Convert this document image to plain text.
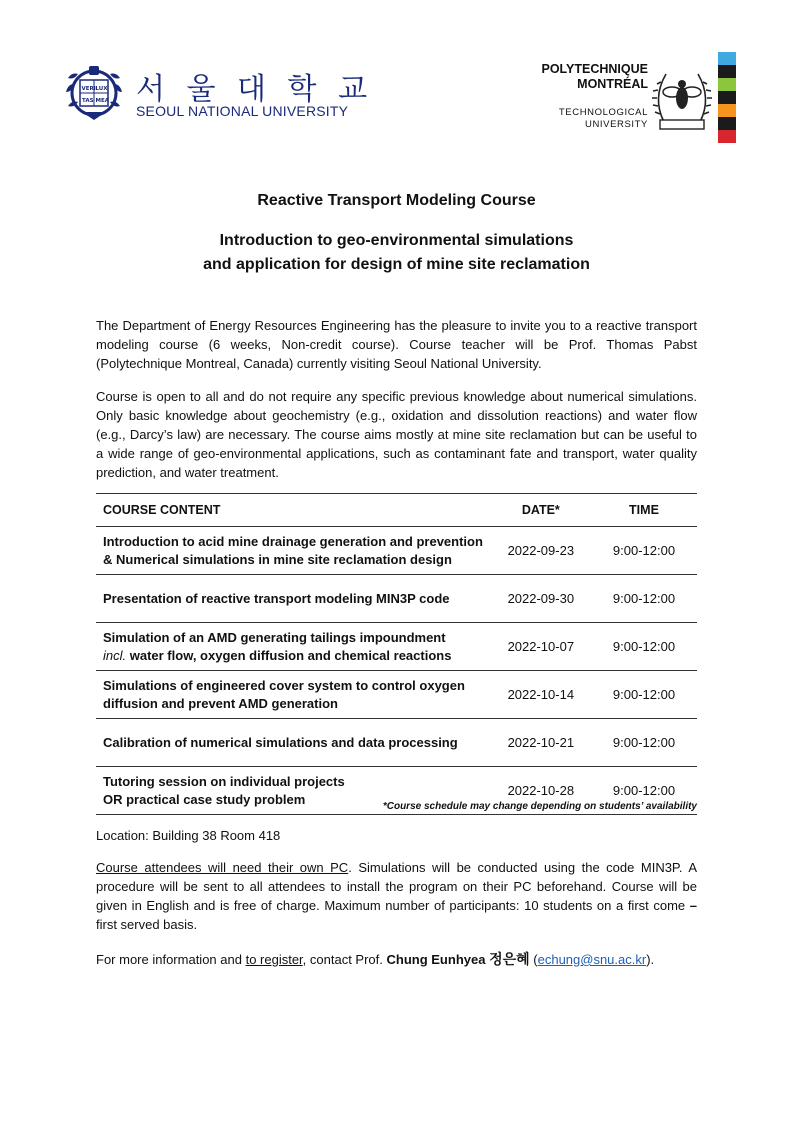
VERI LUX
TAS MEA 서 울 대 학 교
SEOUL NATIONAL UNIVERSITY
POLYTECHNIQUE
MONTRÉAL
TECHNOLOGICAL
UNIVERSITY
Reactive Transport Modeling Course
Introduction to geo-environmental simulations
and application for design of mine site reclamation
The Department of Energy Resources Engineering has the pleasure to invite you to a reactive transport modeling course (6 weeks, Non-credit course). Course teacher will be Prof. Thomas Pabst (Polytechnique Montreal, Canada) currently visiting Seoul National University.
Course is open to all and do not require any specific previous knowledge about numerical simulations. Only basic knowledge about geochemistry (e.g., oxidation and dissolution reactions) and water flow (e.g., Darcy’s law) are necessary. The course aims mostly at mine site reclamation but can be useful to a wide range of geo-environmental applications, such as contaminant fate and transport, water quality prediction, and water treatment.
COURSE CONTENT	DATE*	TIME

Introduction to acid mine drainage generation and prevention
& Numerical simulations in mine site reclamation design	2022-09-23	9:00-12:00

Presentation of reactive transport modeling MIN3P code	2022-09-30	9:00-12:00

Simulation of an AMD generating tailings impoundment
incl. water flow, oxygen diffusion and chemical reactions	2022-10-07	9:00-12:00

Simulations of engineered cover system to control oxygen
diffusion and prevent AMD generation	2022-10-14	9:00-12:00

Calibration of numerical simulations and data processing	2022-10-21	9:00-12:00

Tutoring session on individual projects
OR practical case study problem	2022-10-28	9:00-12:00
*Course schedule may change depending on students’ availability
Location: Building 38 Room 418
Course attendees will need their own PC. Simulations will be conducted using the code MIN3P. A procedure will be sent to all attendees to install the program on their PC beforehand. Course will be given in English and is free of charge. Maximum number of participants: 10 students on a first come – first served basis.
For more information and to register, contact Prof. Chung Eunhyea 정은혜 (echung@snu.ac.kr).
